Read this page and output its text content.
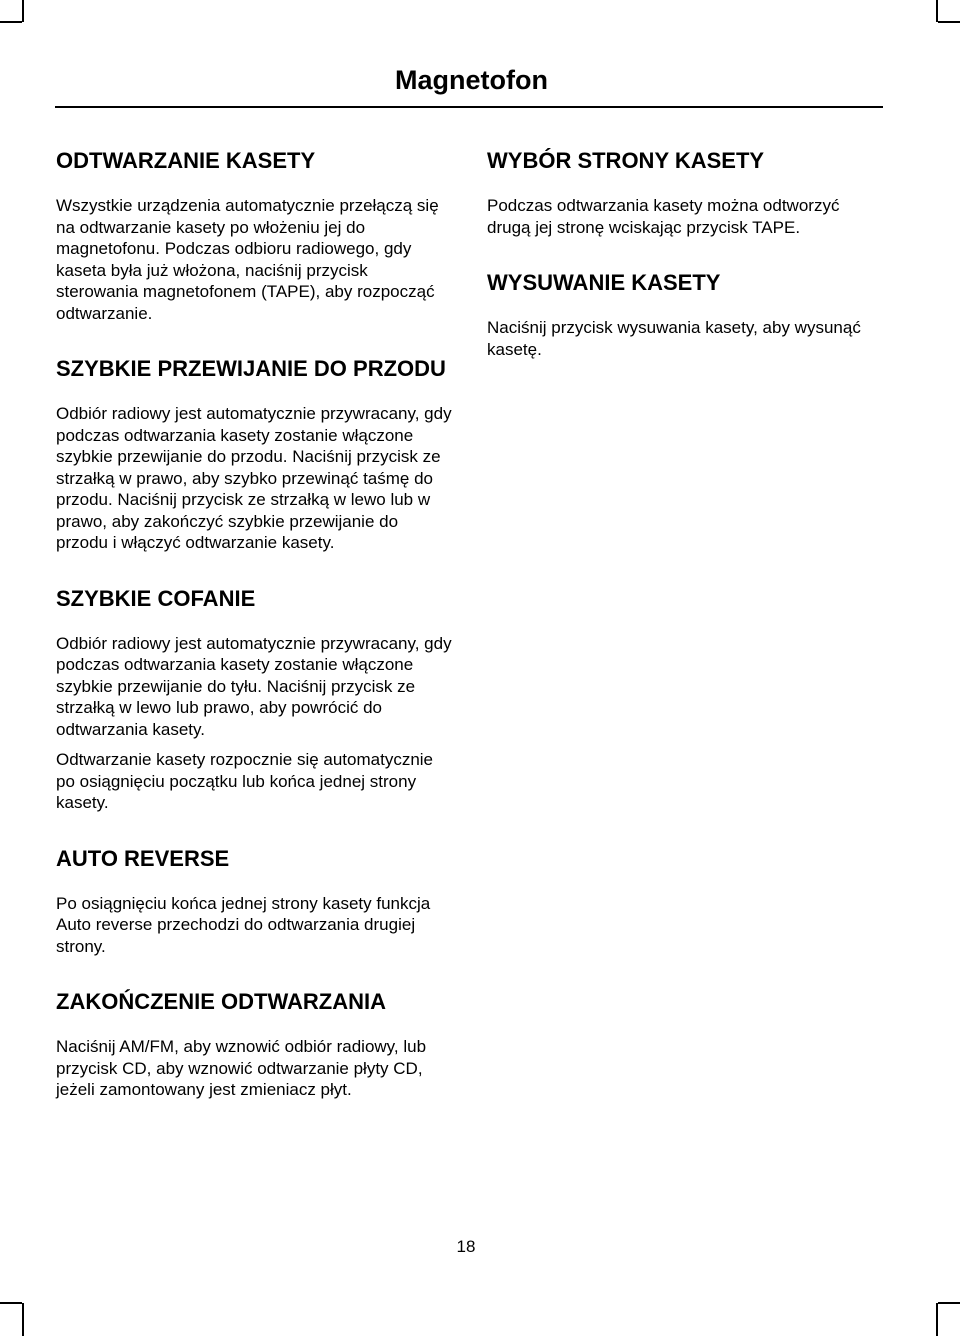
Magnetofon
ODTWARZANIE KASETY

Wszystkie urządzenia automatycznie przełączą się na odtwarzanie kasety po włożeniu jej do magnetofonu. Podczas odbioru radiowego, gdy kaseta była już włożona, naciśnij przycisk sterowania magnetofonem (TAPE), aby rozpocząć odtwarzanie.

SZYBKIE PRZEWIJANIE DO PRZODU

Odbiór radiowy jest automatycznie przywracany, gdy podczas odtwarzania kasety zostanie włączone szybkie przewijanie do przodu. Naciśnij przycisk ze strzałką w prawo, aby szybko przewinąć taśmę do przodu. Naciśnij przycisk ze strzałką w lewo lub w prawo, aby zakończyć szybkie przewijanie do przodu i włączyć odtwarzanie kasety.

SZYBKIE COFANIE

Odbiór radiowy jest automatycznie przywracany, gdy podczas odtwarzania kasety zostanie włączone szybkie przewijanie do tyłu. Naciśnij przycisk ze strzałką w lewo lub prawo, aby powrócić do odtwarzania kasety.

Odtwarzanie kasety rozpocznie się automatycznie po osiągnięciu początku lub końca jednej strony kasety.

AUTO REVERSE

Po osiągnięciu końca jednej strony kasety funkcja Auto reverse przechodzi do odtwarzania drugiej strony.

ZAKOŃCZENIE ODTWARZANIA

Naciśnij AM/FM, aby wznowić odbiór radiowy, lub przycisk CD, aby wznowić odtwarzanie płyty CD, jeżeli zamontowany jest zmieniacz płyt.

WYBÓR STRONY KASETY

Podczas odtwarzania kasety można odtworzyć drugą jej stronę wciskając przycisk TAPE.

WYSUWANIE KASETY

Naciśnij przycisk wysuwania kasety, aby wysunąć kasetę.

18
